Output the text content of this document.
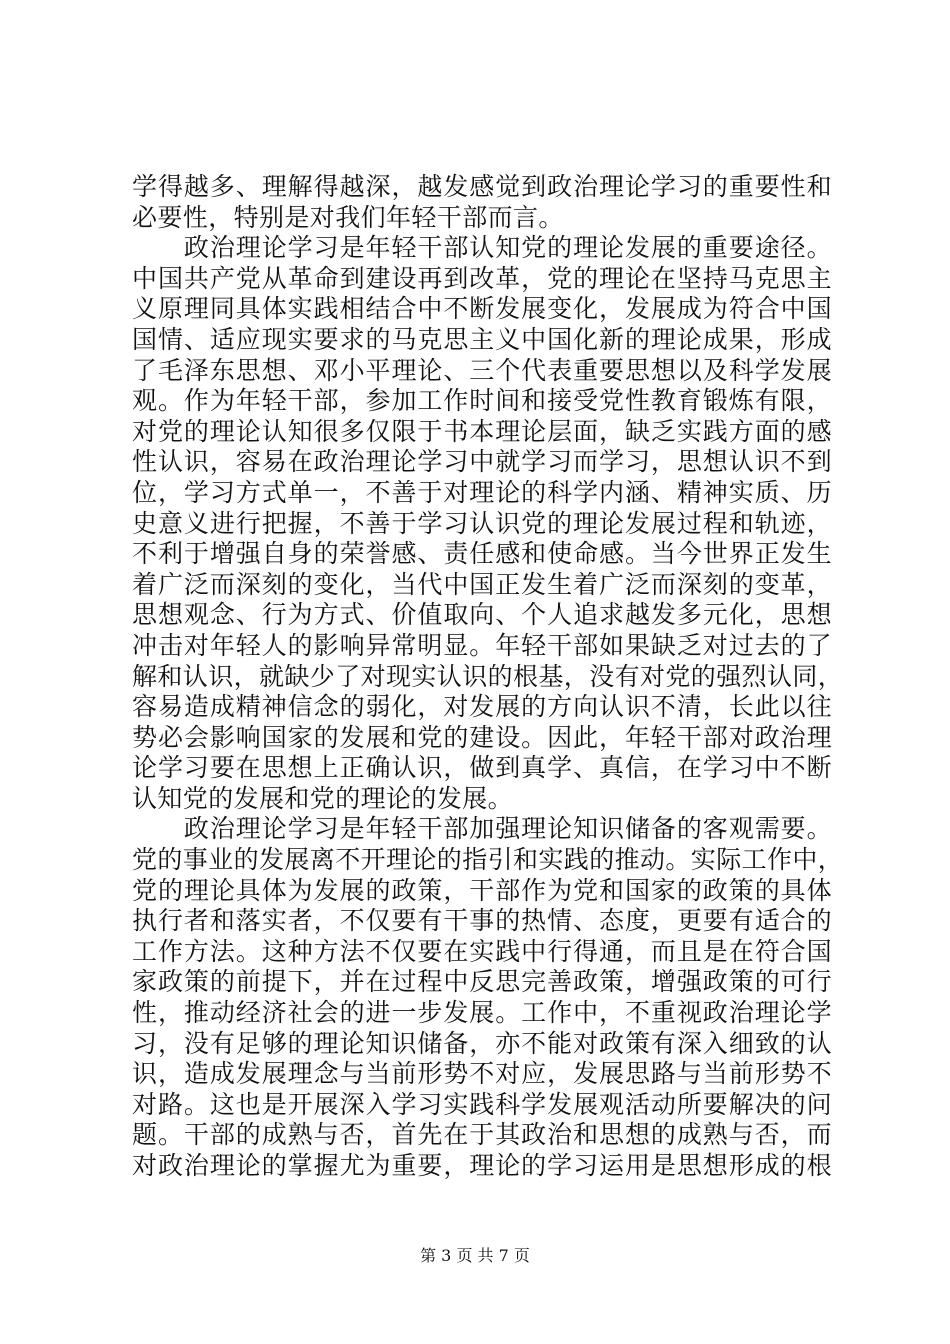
学得越多、理解得越深，越发感觉到政治理论学习的重要性和
必要性，特别是对我们年轻干部而言。
　　政治理论学习是年轻干部认知党的理论发展的重要途径。
中国共产党从革命到建设再到改革，党的理论在坚持马克思主
义原理同具体实践相结合中不断发展变化，发展成为符合中国
国情、适应现实要求的马克思主义中国化新的理论成果，形成
了毛泽东思想、邓小平理论、三个代表重要思想以及科学发展
观。作为年轻干部，参加工作时间和接受党性教育锻炼有限，
对党的理论认知很多仅限于书本理论层面，缺乏实践方面的感
性认识，容易在政治理论学习中就学习而学习，思想认识不到
位，学习方式单一，不善于对理论的科学内涵、精神实质、历
史意义进行把握，不善于学习认识党的理论发展过程和轨迹，
不利于增强自身的荣誉感、责任感和使命感。当今世界正发生
着广泛而深刻的变化，当代中国正发生着广泛而深刻的变革，
思想观念、行为方式、价值取向、个人追求越发多元化，思想
冲击对年轻人的影响异常明显。年轻干部如果缺乏对过去的了
解和认识，就缺少了对现实认识的根基，没有对党的强烈认同，
容易造成精神信念的弱化，对发展的方向认识不清，长此以往
势必会影响国家的发展和党的建设。因此，年轻干部对政治理
论学习要在思想上正确认识，做到真学、真信，在学习中不断
认知党的发展和党的理论的发展。
　　政治理论学习是年轻干部加强理论知识储备的客观需要。
党的事业的发展离不开理论的指引和实践的推动。实际工作中，
党的理论具体为发展的政策，干部作为党和国家的政策的具体
执行者和落实者，不仅要有干事的热情、态度，更要有适合的
工作方法。这种方法不仅要在实践中行得通，而且是在符合国
家政策的前提下，并在过程中反思完善政策，增强政策的可行
性，推动经济社会的进一步发展。工作中，不重视政治理论学
习，没有足够的理论知识储备，亦不能对政策有深入细致的认
识，造成发展理念与当前形势不对应，发展思路与当前形势不
对路。这也是开展深入学习实践科学发展观活动所要解决的问
题。干部的成熟与否，首先在于其政治和思想的成熟与否，而
对政治理论的掌握尤为重要，理论的学习运用是思想形成的根
第 3 页 共 7 页
